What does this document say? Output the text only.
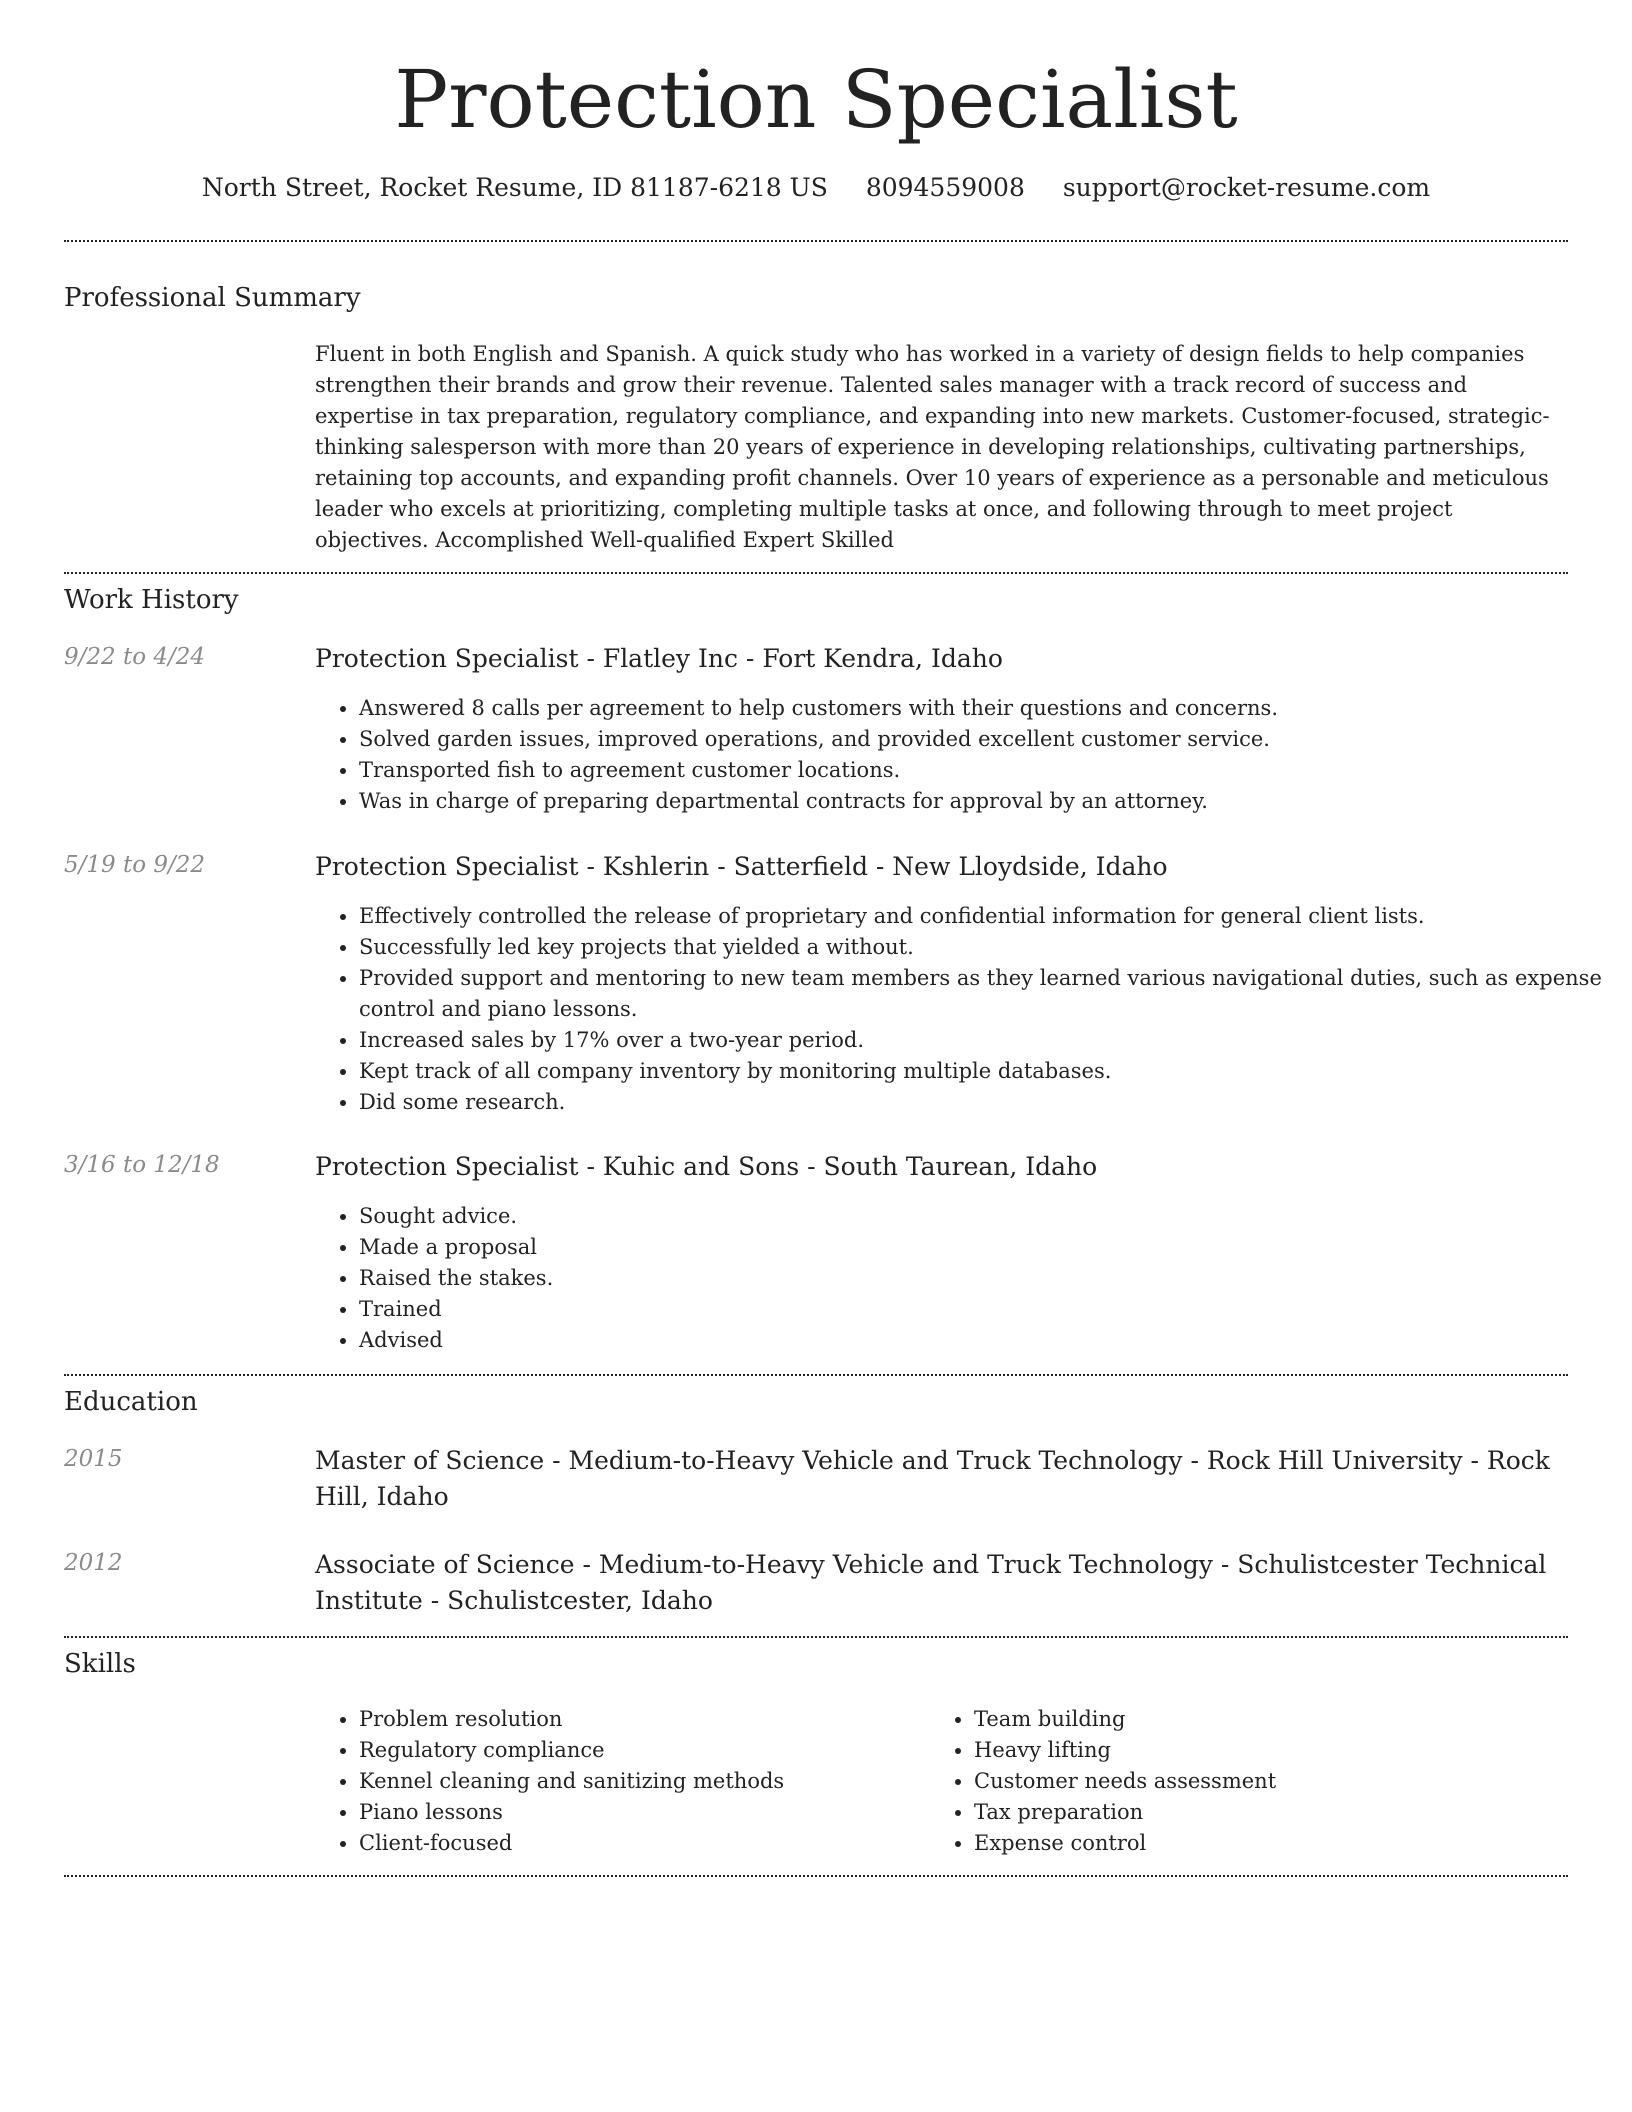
Protection Specialist
North Street, Rocket Resume, ID 81187-6218 US 8094559008 support@rocket-resume.com
Professional Summary

Fluent in both English and Spanish. A quick study who has worked in a variety of design fields to help companies strengthen their brands and grow their revenue. Talented sales manager with a track record of success and expertise in tax preparation, regulatory compliance, and expanding into new markets. Customer-focused, strategic-thinking salesperson with more than 20 years of experience in developing relationships, cultivating partnerships, retaining top accounts, and expanding profit channels. Over 10 years of experience as a personable and meticulous leader who excels at prioritizing, completing multiple tasks at once, and following through to meet project objectives. Accomplished Well-qualified Expert Skilled

Work History
9/22 to 4/24	Protection Specialist - Flatley Inc - Fort Kendra, Idaho
• Answered 8 calls per agreement to help customers with their questions and concerns.
• Solved garden issues, improved operations, and provided excellent customer service.
• Transported fish to agreement customer locations.
• Was in charge of preparing departmental contracts for approval by an attorney.
5/19 to 9/22	Protection Specialist - Kshlerin - Satterfield - New Lloydside, Idaho
• Effectively controlled the release of proprietary and confidential information for general client lists.
• Successfully led key projects that yielded a without.
• Provided support and mentoring to new team members as they learned various navigational duties, such as expense control and piano lessons.
• Increased sales by 17% over a two-year period.
• Kept track of all company inventory by monitoring multiple databases.
• Did some research.
3/16 to 12/18	Protection Specialist - Kuhic and Sons - South Taurean, Idaho
• Sought advice.
• Made a proposal
• Raised the stakes.
• Trained
• Advised
Education
2015	Master of Science - Medium-to-Heavy Vehicle and Truck Technology - Rock Hill University - Rock Hill, Idaho
2012	Associate of Science - Medium-to-Heavy Vehicle and Truck Technology - Schulistcester Technical Institute - Schulistcester, Idaho
Skills
• Problem resolution
• Regulatory compliance
• Kennel cleaning and sanitizing methods
• Piano lessons
• Client-focused
• Team building
• Heavy lifting
• Customer needs assessment
• Tax preparation
• Expense control
